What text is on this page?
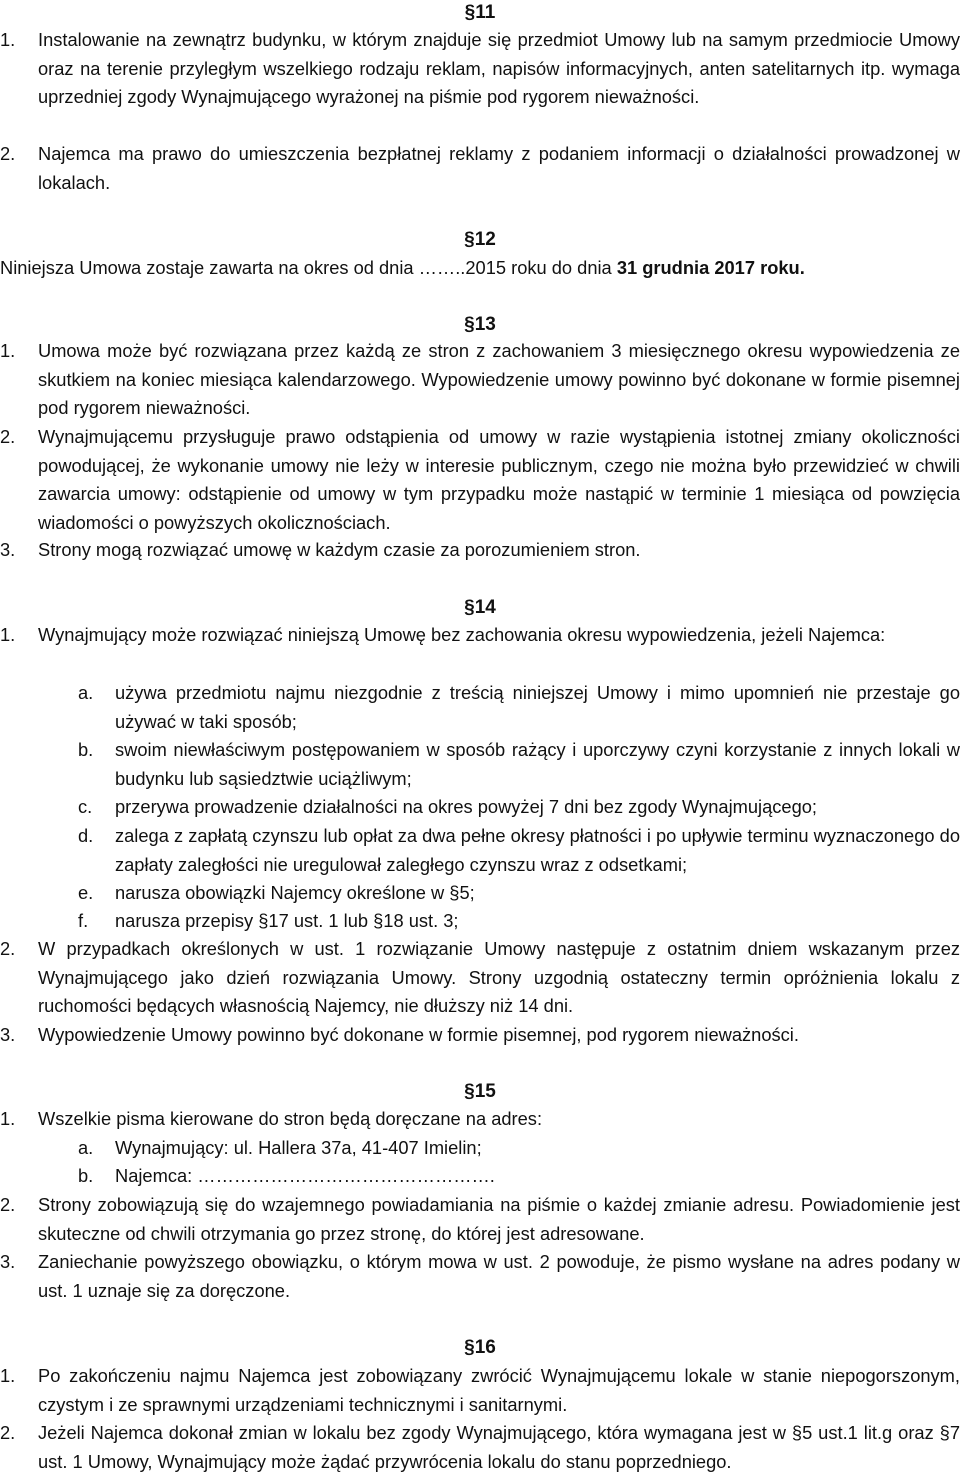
§11
1. Instalowanie na zewnątrz budynku, w którym znajduje się przedmiot Umowy lub na samym przedmiocie Umowy oraz na terenie przyległym wszelkiego rodzaju reklam, napisów informacyjnych, anten satelitarnych itp. wymaga uprzedniej zgody Wynajmującego wyrażonej na piśmie pod rygorem nieważności.
2. Najemca ma prawo do umieszczenia bezpłatnej reklamy z podaniem informacji o działalności prowadzonej w lokalach.
§12
Niniejsza Umowa zostaje zawarta na okres od dnia ……..2015 roku do dnia 31 grudnia 2017 roku.
§13
1. Umowa może być rozwiązana przez każdą ze stron z zachowaniem 3 miesięcznego okresu wypowiedzenia ze skutkiem na koniec miesiąca kalendarzowego. Wypowiedzenie umowy powinno być dokonane w formie pisemnej pod rygorem nieważności.
2. Wynajmującemu przysługuje prawo odstąpienia od umowy w razie wystąpienia istotnej zmiany okoliczności powodującej, że wykonanie umowy nie leży w interesie publicznym, czego nie można było przewidzieć w chwili zawarcia umowy: odstąpienie od umowy w tym przypadku może nastąpić w terminie 1 miesiąca od powzięcia wiadomości o powyższych okolicznościach.
3. Strony mogą rozwiązać umowę w każdym czasie za porozumieniem stron.
§14
1. Wynajmujący może rozwiązać niniejszą Umowę bez zachowania okresu wypowiedzenia, jeżeli Najemca:
a. używa przedmiotu najmu niezgodnie z treścią niniejszej Umowy i mimo upomnień nie przestaje go używać w taki sposób;
b. swoim niewłaściwym postępowaniem w sposób rażący i uporczywy czyni korzystanie z innych lokali w budynku lub sąsiedztwie uciążliwym;
c. przerywa prowadzenie działalności na okres powyżej 7 dni bez zgody Wynajmującego;
d. zalega z zapłatą czynszu lub opłat za dwa pełne okresy płatności i po upływie terminu wyznaczonego do zapłaty zaległości nie uregulował zaległego czynszu wraz z odsetkami;
e. narusza obowiązki Najemcy określone w §5;
f. narusza przepisy §17 ust. 1 lub §18 ust. 3;
2. W przypadkach określonych w ust. 1 rozwiązanie Umowy następuje z ostatnim dniem wskazanym przez Wynajmującego jako dzień rozwiązania Umowy. Strony uzgodnią ostateczny termin opróżnienia lokalu z ruchomości będących własnością Najemcy, nie dłuższy niż 14 dni.
3. Wypowiedzenie Umowy powinno być dokonane w formie pisemnej, pod rygorem nieważności.
§15
1. Wszelkie pisma kierowane do stron będą doręczane na adres:
a. Wynajmujący: ul. Hallera 37a, 41-407 Imielin;
b. Najemca: ………………………………………….
2. Strony zobowiązują się do wzajemnego powiadamiania na piśmie o każdej zmianie adresu. Powiadomienie jest skuteczne od chwili otrzymania go przez stronę, do której jest adresowane.
3. Zaniechanie powyższego obowiązku, o którym mowa w ust. 2 powoduje, że pismo wysłane na adres podany w ust. 1 uznaje się za doręczone.
§16
1. Po zakończeniu najmu Najemca jest zobowiązany zwrócić Wynajmującemu lokale w stanie niepogorszonym, czystym i ze sprawnymi urządzeniami technicznymi i sanitarnymi.
2. Jeżeli Najemca dokonał zmian w lokalu bez zgody Wynajmującego, która wymagana jest w §5 ust.1 lit.g oraz §7 ust. 1 Umowy, Wynajmujący może żądać przywrócenia lokalu do stanu poprzedniego.
